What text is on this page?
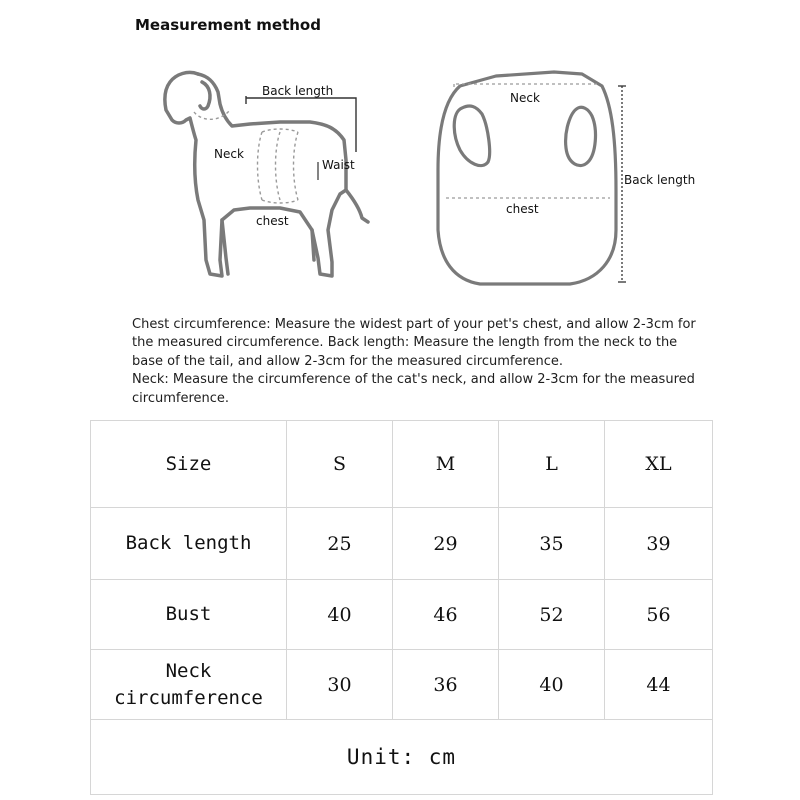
Measurement method
Back length
Neck
Waist
chest
Neck
chest
Back length

Chest circumference: Measure the widest part of your pet's chest, and allow 2-3cm for the measured circumference. Back length: Measure the length from the neck to the base of the tail, and allow 2-3cm for the measured circumference.

Neck: Measure the circumference of the cat's neck, and allow 2-3cm for the measured circumference.

Size	S	M	L	XL
Back length	25	29	35	39
Bust	40	46	52	56
Neck
circumference	30	36	40	44
Unit: cm				
